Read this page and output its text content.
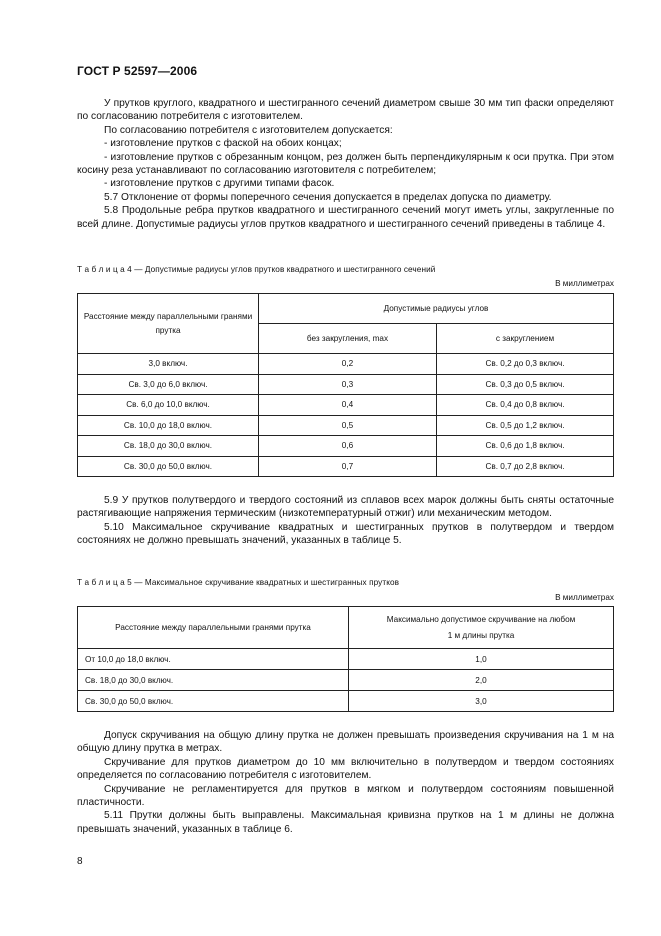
ГОСТ Р 52597—2006

У прутков круглого, квадратного и шестигранного сечений диаметром свыше 30 мм тип фаски определяют по согласованию потребителя с изготовителем.

По согласованию потребителя с изготовителем допускается:

- изготовление прутков с фаской на обоих концах;

- изготовление прутков с обрезанным концом, рез должен быть перпендикулярным к оси прутка. При этом косину реза устанавливают по согласованию изготовителя с потребителем;

- изготовление прутков с другими типами фасок.

5.7 Отклонение от формы поперечного сечения допускается в пределах допуска по диаметру.

5.8 Продольные ребра прутков квадратного и шестигранного сечений могут иметь углы, закругленные по всей длине. Допустимые радиусы углов прутков квадратного и шестигранного сечений приведены в таблице 4.

Т а б л и ц а 4 — Допустимые радиусы углов прутков квадратного и шестигранного сечений
В миллиметрах
Расстояние между параллельными гранями прутка	Допустимые радиусы углов	
	без закругления, max	с закруглением
3,0 включ.	0,2	Св. 0,2 до 0,3 включ.
Св. 3,0 до 6,0 включ.	0,3	Св. 0,3 до 0,5 включ.
Св. 6,0 до 10,0 включ.	0,4	Св. 0,4 до 0,8 включ.
Св. 10,0 до 18,0 включ.	0,5	Св. 0,5 до 1,2 включ.
Св. 18,0 до 30,0 включ.	0,6	Св. 0,6 до 1,8 включ.
Св. 30,0 до 50,0 включ.	0,7	Св. 0,7 до 2,8 включ.

5.9 У прутков полутвердого и твердого состояний из сплавов всех марок должны быть сняты остаточные растягивающие напряжения термическим (низкотемпературный отжиг) или механическим методом.

5.10 Максимальное скручивание квадратных и шестигранных прутков в полутвердом и твердом состояниях не должно превышать значений, указанных в таблице 5.

Т а б л и ц а 5 — Максимальное скручивание квадратных и шестигранных прутков
В миллиметрах
Расстояние между параллельными гранями прутка	Максимально допустимое скручивание на любом
1 м длины прутка

От 10,0 до 18,0 включ.	1,0
Св. 18,0 до 30,0 включ.	2,0
Св. 30,0 до 50,0 включ.	3,0

Допуск скручивания на общую длину прутка не должен превышать произведения скручивания на 1 м на общую длину прутка в метрах.

Скручивание для прутков диаметром до 10 мм включительно в полутвердом и твердом состояниях определяется по согласованию потребителя с изготовителем.

Скручивание не регламентируется для прутков в мягком и полутвердом состояниям повышенной пластичности.

5.11 Прутки должны быть выправлены. Максимальная кривизна прутков на 1 м длины не должна превышать значений, указанных в таблице 6.

8
